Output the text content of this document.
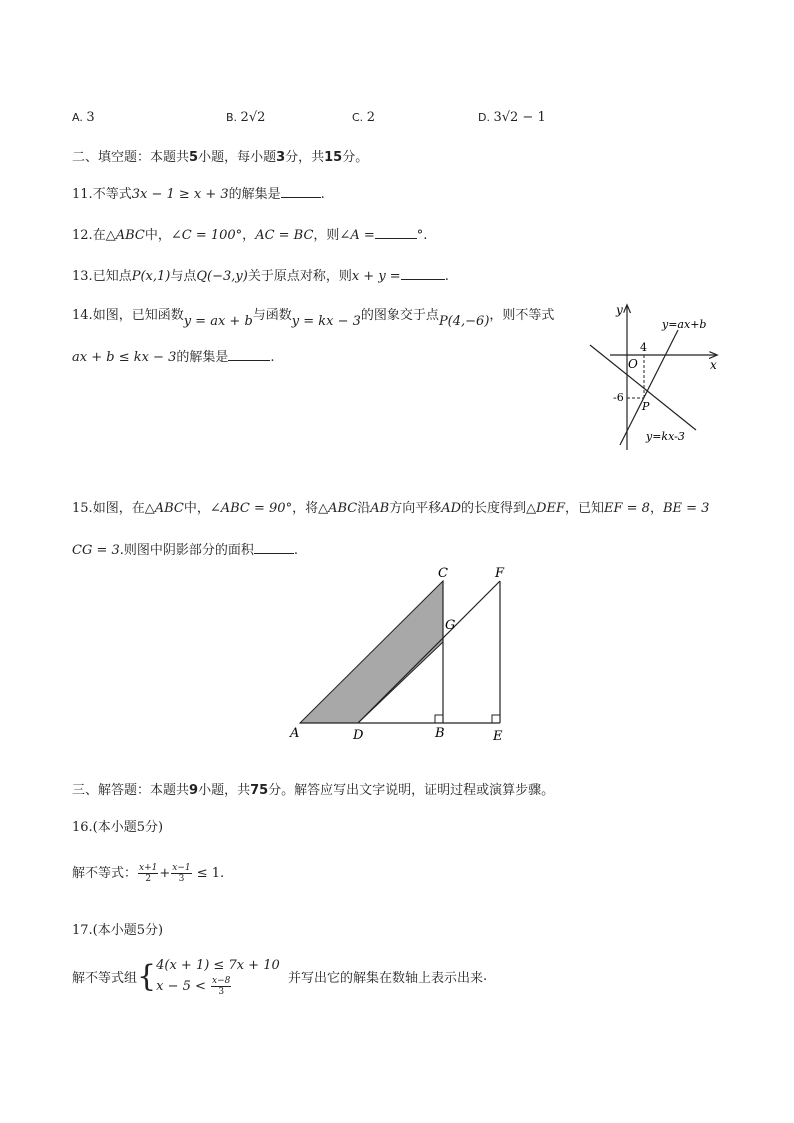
A. 3	B. 2√2	C. 2	D. 3√2 − 1
二、填空题：本题共5小题，每小题3分，共15分。
11.不等式3x − 1 ≥ x + 3的解集是	.
12.在△ABC中，∠C = 100°，AC = BC，则∠A =	°.
13.已知点P(x,1)与点Q(−3,y)关于原点对称，则x + y =	.
14.如图，已知函数y = ax + b与函数y = kx − 3的图象交于点P(4,−6)，则不等式
ax + b ≤ kx − 3的解集是	.
y
x
y=ax+b
y=kx-3
O
4
-6
P
15.如图，在△ABC中，∠ABC = 90°，将△ABC沿AB方向平移AD的长度得到△DEF，已知EF = 8，BE = 3
CG = 3.则图中阴影部分的面积	.
A	D	B	E
C	F
G
三、解答题：本题共9小题，共75分。解答应写出文字说明，证明过程或演算步骤。
16.(本小题5分)
解不等式： $\frac{x+1}{2} + \frac{x-1}{3} \le 1$.
17.(本小题5分)
解不等式组{ 4(x + 1) ≤ 7x + 10
$x - 5 < \frac{x-8}{3}$	并写出它的解集在数轴上表示出来.
